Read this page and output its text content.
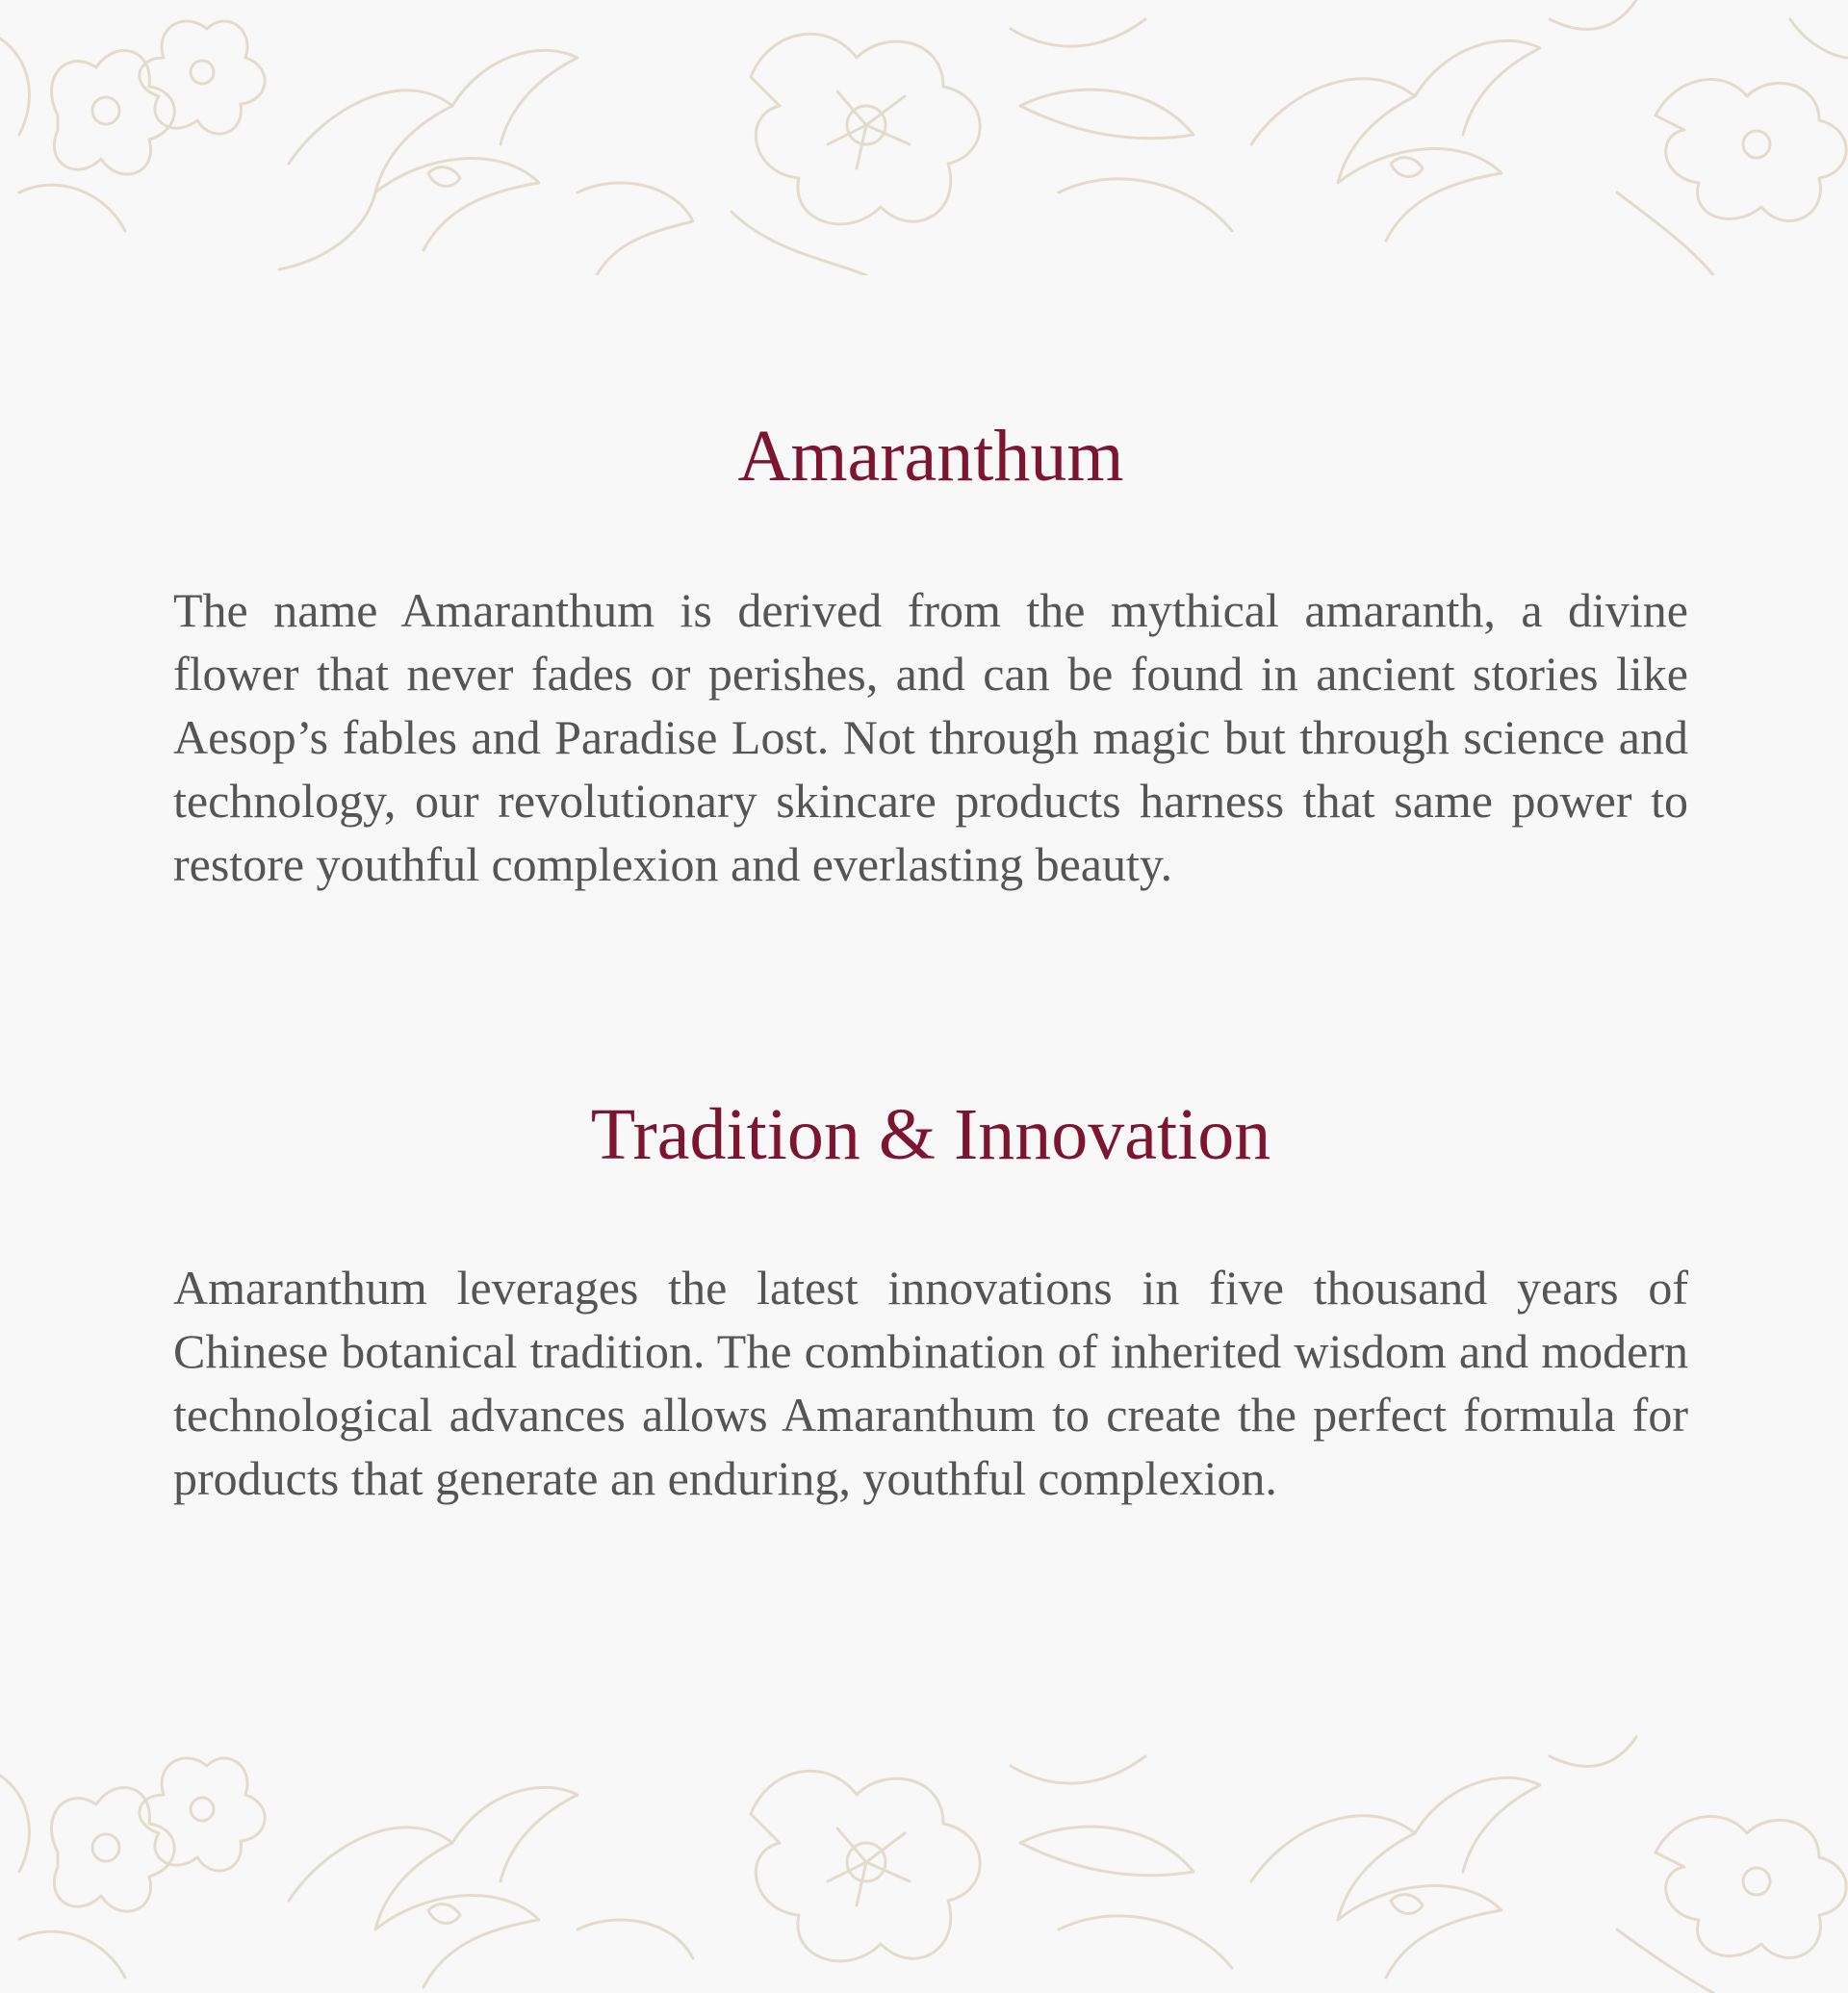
Amaranthum

The name Amaranthum is derived from the mythical amaranth, a divine flower that never fades or perishes, and can be found in ancient stories like Aesop’s fables and Paradise Lost. Not through magic but through science and technology, our revolutionary skincare products harness that same power to restore youthful complexion and everlasting beauty.

Tradition & Innovation

Amaranthum leverages the latest innovations in five thousand years of Chinese botanical tradition. The combination of inherited wisdom and modern technological advances allows Amaranthum to create the perfect formula for products that generate an enduring, youthful complexion.
